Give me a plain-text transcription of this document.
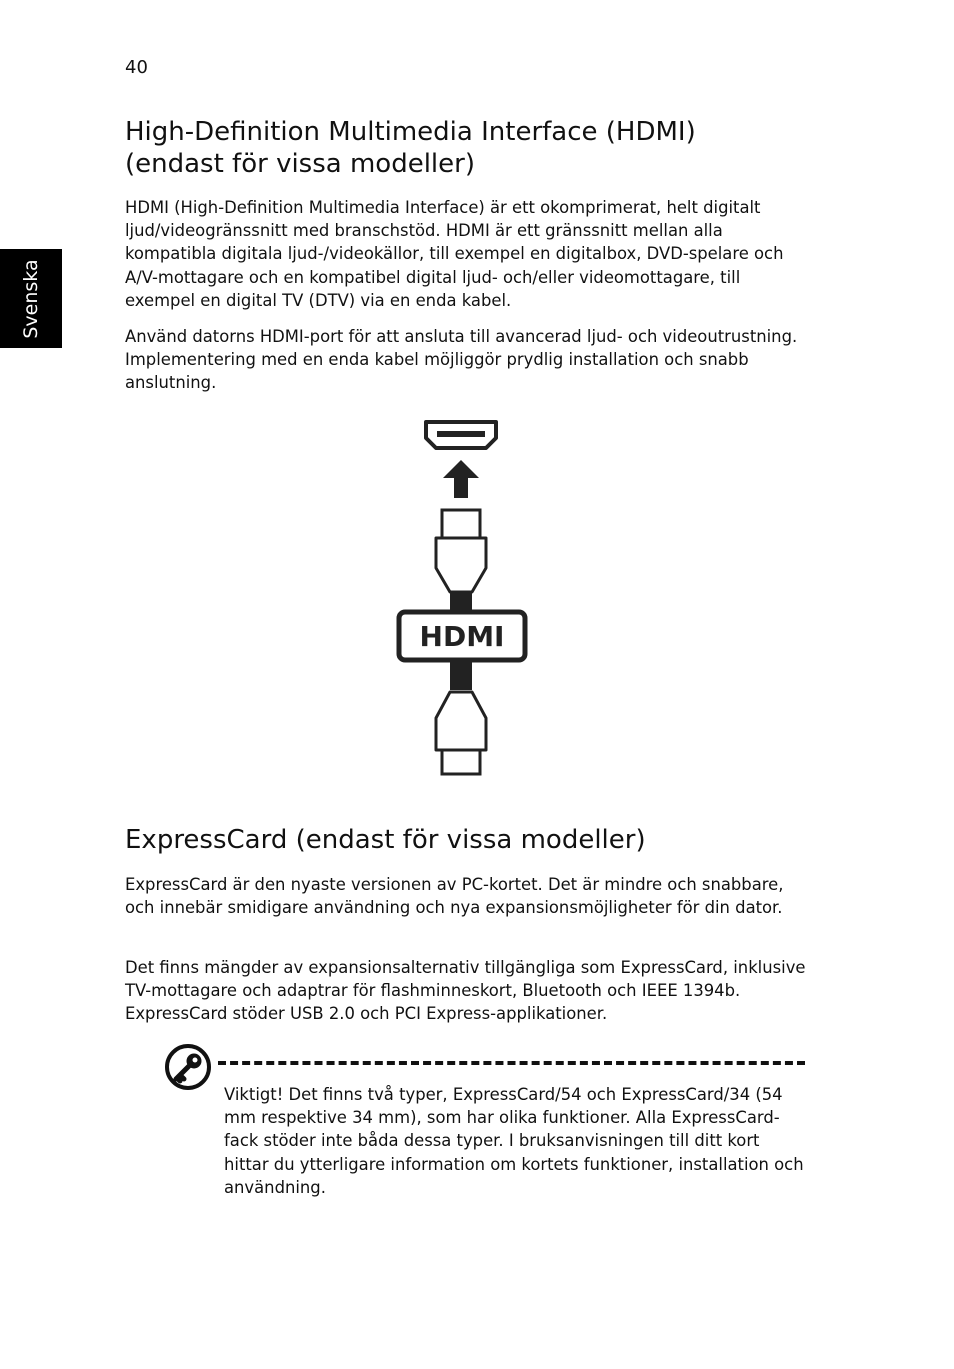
40
Svenska
High-Definition Multimedia Interface (HDMI)
(endast för vissa modeller)

HDMI (High-Definition Multimedia Interface) är ett okomprimerat, helt digitalt ljud/videogränssnitt med branschstöd. HDMI är ett gränssnitt mellan alla kompatibla digitala ljud-/videokällor, till exempel en digitalbox, DVD-spelare och A/V-mottagare och en kompatibel digital ljud- och/eller videomottagare, till exempel en digital TV (DTV) via en enda kabel.

Använd datorns HDMI-port för att ansluta till avancerad ljud- och videoutrustning. Implementering med en enda kabel möjliggör prydlig installation och snabb anslutning.

HDMI
ExpressCard (endast för vissa modeller)

ExpressCard är den nyaste versionen av PC-kortet. Det är mindre och snabbare, och innebär smidigare användning och nya expansionsmöjligheter för din dator.

Det finns mängder av expansionsalternativ tillgängliga som ExpressCard, inklusive TV-mottagare och adaptrar för flashminneskort, Bluetooth och IEEE 1394b. ExpressCard stöder USB 2.0 och PCI Express-applikationer.

Viktigt! Det finns två typer, ExpressCard/54 och ExpressCard/34 (54 mm respektive 34 mm), som har olika funktioner. Alla ExpressCard-fack stöder inte båda dessa typer. I bruksanvisningen till ditt kort hittar du ytterligare information om kortets funktioner, installation och användning.
